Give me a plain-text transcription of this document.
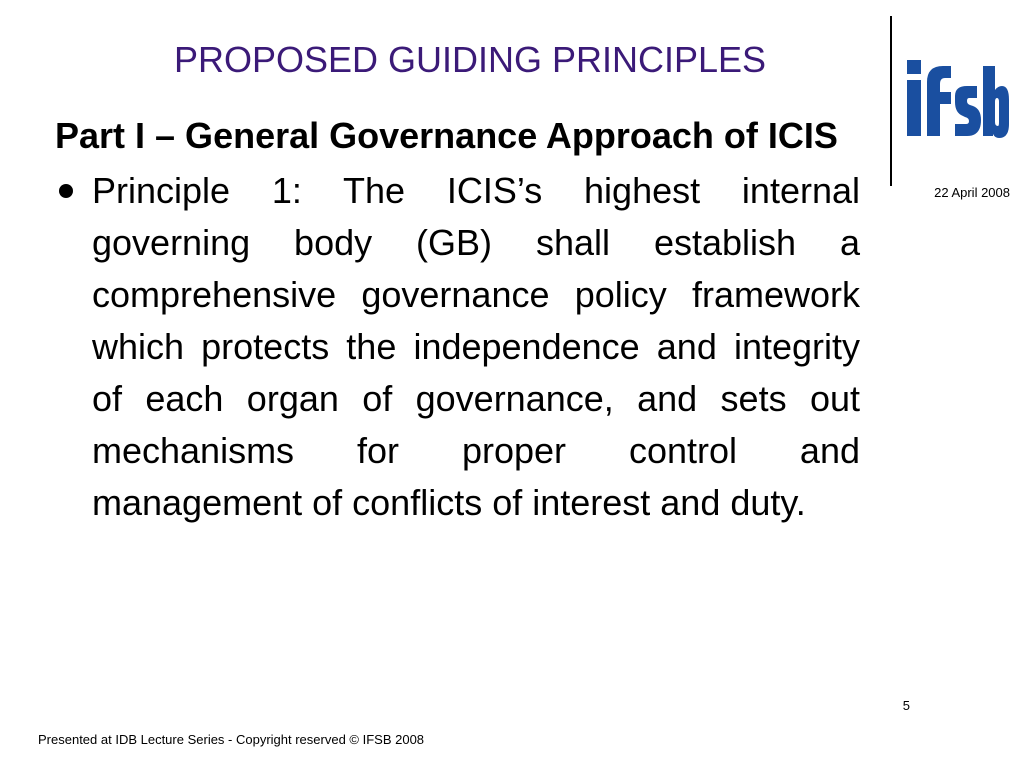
PROPOSED GUIDING PRINCIPLES
22 April 2008
Part I – General Governance Approach of ICIS
Principle 1: The ICIS’s highest internal governing body (GB) shall establish a comprehensive governance policy framework which protects the independence and integrity of each organ of governance, and sets out mechanisms for proper control and management of conflicts of interest and duty.
5
Presented at IDB Lecture Series - Copyright reserved © IFSB 2008
